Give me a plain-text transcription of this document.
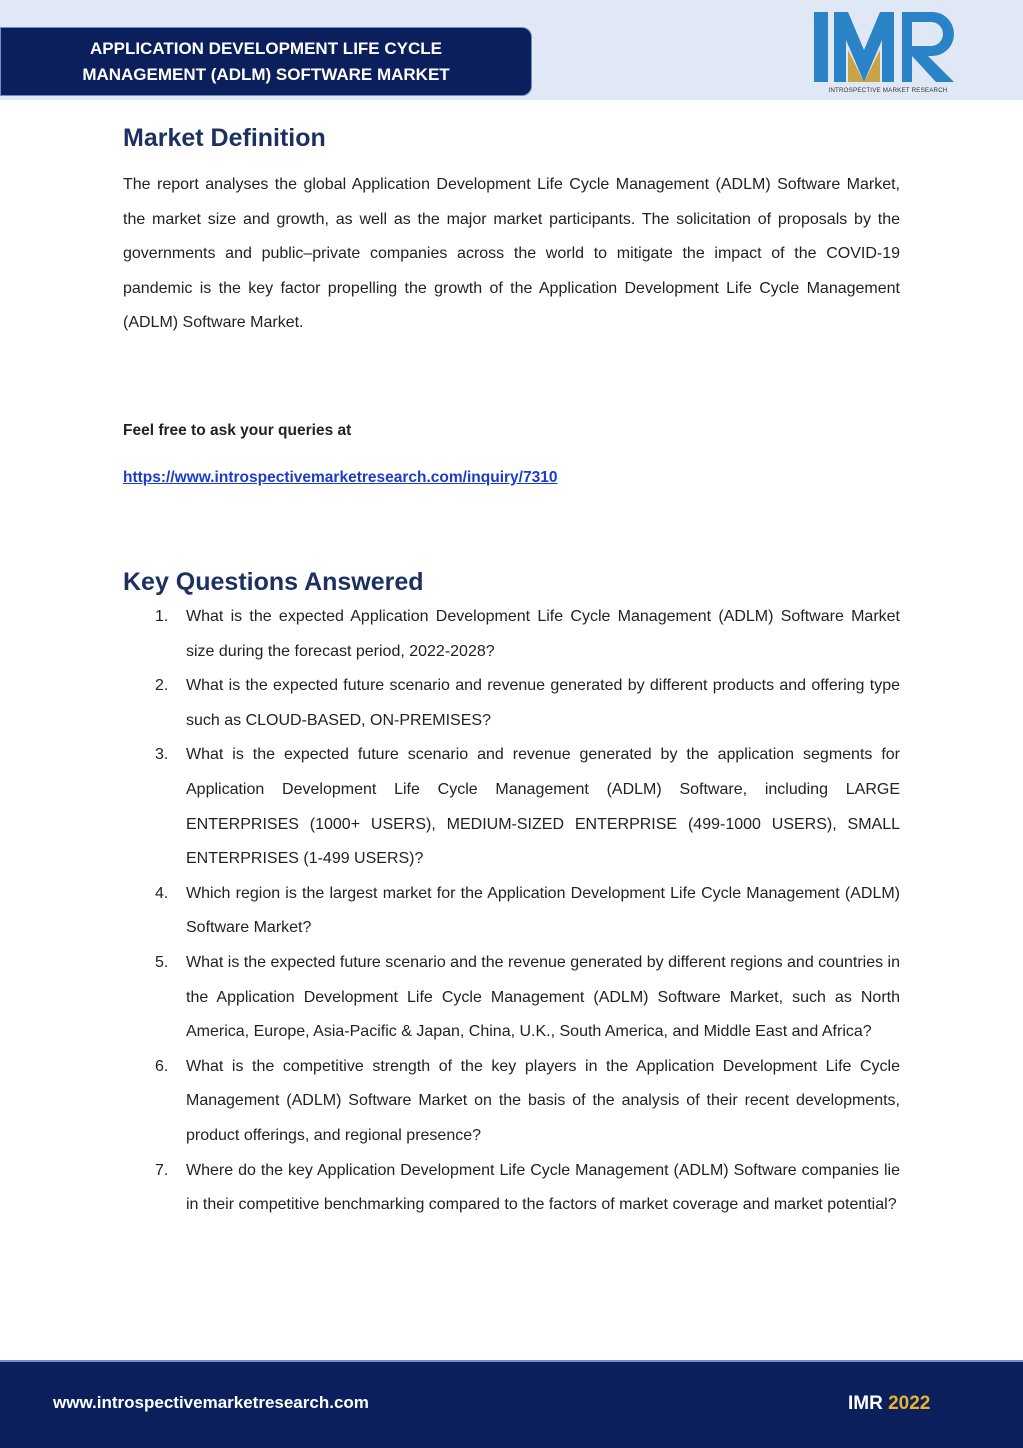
APPLICATION DEVELOPMENT LIFE CYCLE
MANAGEMENT (ADLM) SOFTWARE MARKET
INTROSPECTIVE MARKET RESEARCH
Market Definition

The report analyses the global Application Development Life Cycle Management (ADLM) Software Market, the market size and growth, as well as the major market participants. The solicitation of proposals by the governments and public–private companies across the world to mitigate the impact of the COVID-19 pandemic is the key factor propelling the growth of the Application Development Life Cycle Management (ADLM) Software Market.

Feel free to ask your queries at
https://www.introspectivemarketresearch.com/inquiry/7310
Key Questions Answered
1. What is the expected Application Development Life Cycle Management (ADLM) Software Market size during the forecast period, 2022-2028?
2. What is the expected future scenario and revenue generated by different products and offering type such as CLOUD-BASED, ON-PREMISES?
3. What is the expected future scenario and revenue generated by the application segments for Application Development Life Cycle Management (ADLM) Software, including LARGE ENTERPRISES (1000+ USERS), MEDIUM-SIZED ENTERPRISE (499-1000 USERS), SMALL ENTERPRISES (1-499 USERS)?
4. Which region is the largest market for the Application Development Life Cycle Management (ADLM) Software Market?
5. What is the expected future scenario and the revenue generated by different regions and countries in the Application Development Life Cycle Management (ADLM) Software Market, such as North America, Europe, Asia-Pacific & Japan, China, U.K., South America, and Middle East and Africa?
6. What is the competitive strength of the key players in the Application Development Life Cycle Management (ADLM) Software Market on the basis of the analysis of their recent developments, product offerings, and regional presence?
7. Where do the key Application Development Life Cycle Management (ADLM) Software companies lie in their competitive benchmarking compared to the factors of market coverage and market potential?
www.introspectivemarketresearch.com	IMR 2022
